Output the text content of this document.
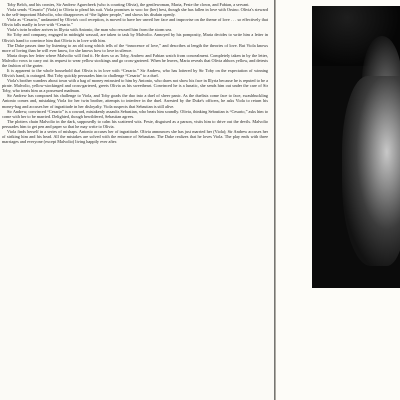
Toby Belch, and his cronies, Sir Andrew Aguecheek (who is courting Olivia), the gentlewoman, Maria, Feste the clown, and Fabian, a servant.

Viola sends “Cesario” (Viola) to Olivia to plead his suit. Viola promises to woo for (her) best, though she has fallen in love with Orsino. Olivia's steward is the self-important Malvolio, who disapproves of “the lighter people,” and shows his disdain openly.

Viola as “Cesario,” undaunted by Olivia's cool reception, is moved to have her unveil her face and improvise on the theme of love . . . so effectively that Olivia falls madly in love with “Cesario.”

Viola's twin brother arrives in Illyria with Antonio, the man who rescued him from the storm sea.

Sir Toby and company, engaged in midnight wassail, are taken to task by Malvolio. Annoyed by his pomposity, Maria decides to write him a letter in Olivia's hand to convince him that Olivia is in love with him.

The Duke passes time by listening to an old song which tells of the “innocence of love,” and describes at length the theories of love. But Viola knows more of loving than he will ever know, for she knows how to love in silence.

Maria drops her letter where Malvolio will find it. He does so as Toby, Andrew and Fabian watch from concealment. Completely taken in by the letter, Malvolio vows to carry out its request to wear yellow stockings and go cross-gartered. When he leaves, Maria reveals that Olivia abhors yellow, and detests the fashion of the garter.

It is apparent to the whole household that Olivia is in love with “Cesario.” Sir Andrew, who has loitered by Sir Toby on the expectation of winning Olivia's hand, is outraged. But Toby quickly persuades him to challenge “Cesario” to a duel.

Viola's brother wanders about town with a bag of money entrusted to him by Antonio, who dares not show his face in Illyria because he is reputed to be a pirate. Malvolio, yellow-stockinged and cross-gartered, greets Olivia as his sweetheart. Convinced he is a lunatic, she sends him out under the care of Sir Toby, who treats him as a possessed madman.

Sir Andrew has composed his challenge to Viola, and Toby goads the duo into a duel of sheer panic. As the duelists come face to face, swashbuckling Antonio comes and, mistaking Viola for her twin brother, attempts to interfere in the duel. Arrested by the Duke's officers, he asks Viola to return his money-bag and accuses her of ingratitude in her disloyalty. Viola suspects that Sebastian is still alive.

Sir Andrew, convinced “Cesario” is a coward, mistakenly assaults Sebastian, who beats him soundly. Olivia, thinking Sebastian is “Cesario,” asks him to come with her to be married. Delighted, though bewildered, Sebastian agrees.

The plotters chain Malvolio in the dark, supposedly to calm his scattered wits. Feste, disguised as a parson, visits him to drive out the devils. Malvolio persuades him to get pen and paper so that he may write to Olivia.

Viola finds herself in a series of mishaps. Antonio accuses her of ingratitude. Olivia announces she has just married her (Viola); Sir Andrew accuses her of striking him and his head. All the mistakes are solved with the entrance of Sebastian. The Duke realizes that he loves Viola. The play ends with three marriages and everyone (except Malvolio) living happily ever after.
